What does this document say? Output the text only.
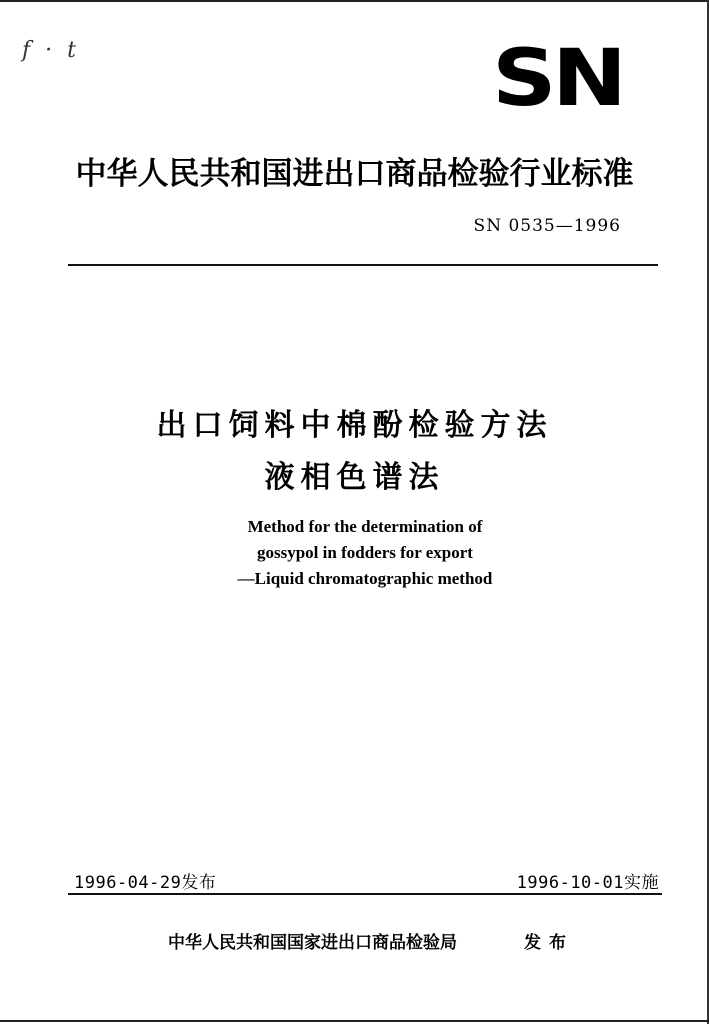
f · t	SN
中华人民共和国进出口商品检验行业标准
SN 0535—1996
出口饲料中棉酚检验方法
液相色谱法
Method for the determination of
gossypol in fodders for export
—Liquid chromatographic method
1996-04-29发布	1996-10-01实施
中华人民共和国国家进出口商品检验局	发布
